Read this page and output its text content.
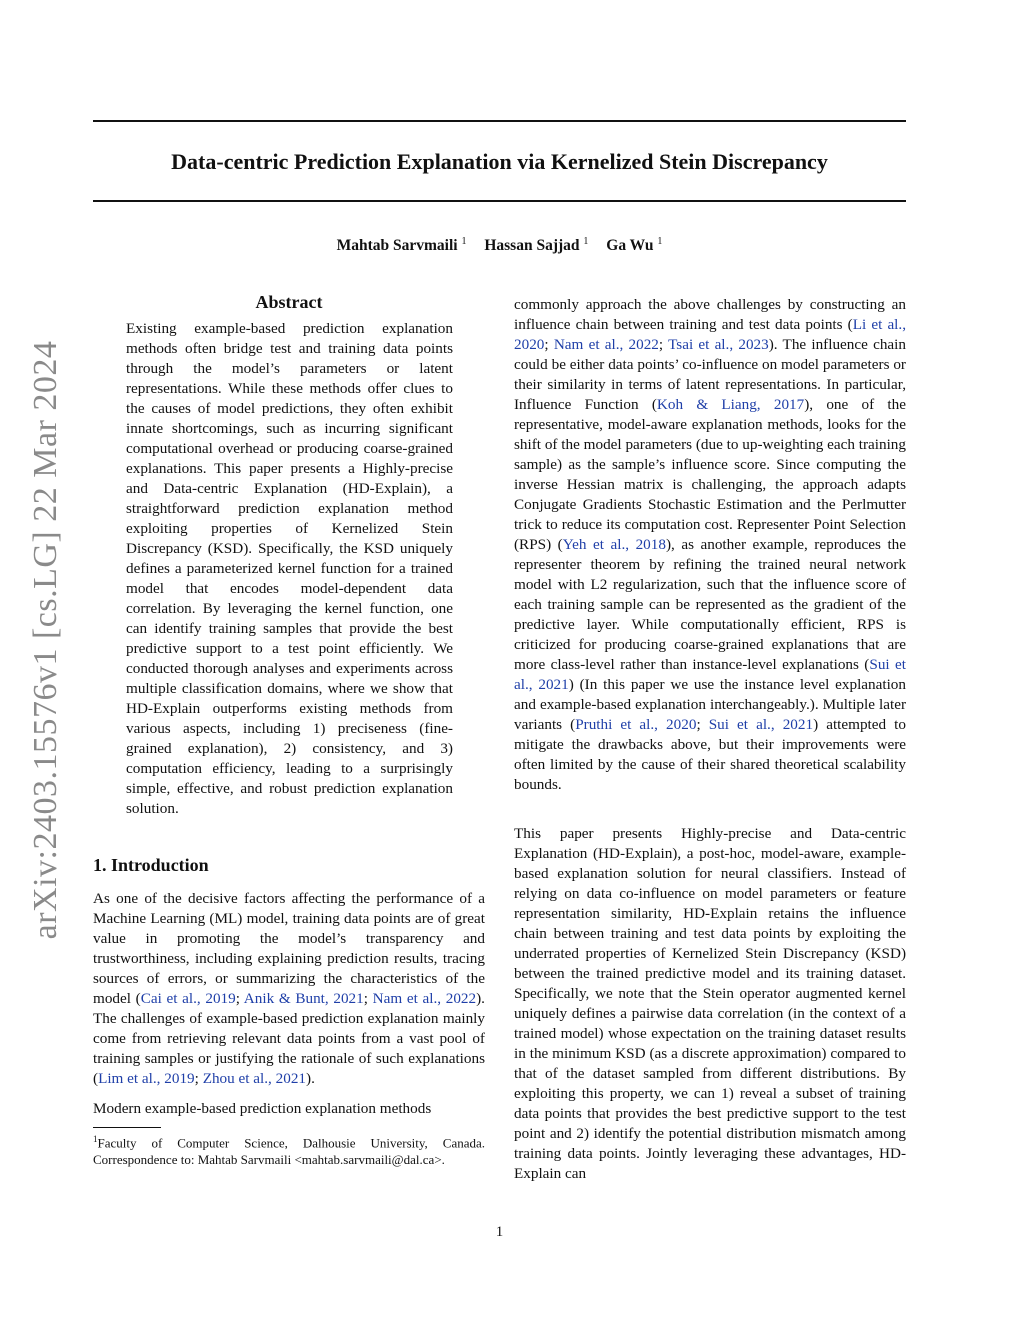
Data-centric Prediction Explanation via Kernelized Stein Discrepancy

Mahtab Sarvmaili $^1$ Hassan Sajjad $^1$ Ga Wu $^1$

arXiv:2403.15576v1 [cs.LG] 22 Mar 2024
Abstract

Existing example-based prediction explanation methods often bridge test and training data points through the model’s parameters or latent representations. While these methods offer clues to the causes of model predictions, they often exhibit innate shortcomings, such as incurring significant computational overhead or producing coarse-grained explanations. This paper presents a Highly-precise and Data-centric Explanation (HD-Explain), a straightforward prediction explanation method exploiting properties of Kernelized Stein Discrepancy (KSD). Specifically, the KSD uniquely defines a parameterized kernel function for a trained model that encodes model-dependent data correlation. By leveraging the kernel function, one can identify training samples that provide the best predictive support to a test point efficiently. We conducted thorough analyses and experiments across multiple classification domains, where we show that HD-Explain outperforms existing methods from various aspects, including 1) preciseness (fine-grained explanation), 2) consistency, and 3) computation efficiency, leading to a surprisingly simple, effective, and robust prediction explanation solution.

1. Introduction

As one of the decisive factors affecting the performance of a Machine Learning (ML) model, training data points are of great value in promoting the model’s transparency and trustworthiness, including explaining prediction results, tracing sources of errors, or summarizing the characteristics of the model (Cai et al., 2019; Anik & Bunt, 2021; Nam et al., 2022). The challenges of example-based prediction explanation mainly come from retrieving relevant data points from a vast pool of training samples or justifying the rationale of such explanations (Lim et al., 2019; Zhou et al., 2021).

Modern example-based prediction explanation methods

$^1$Faculty of Computer Science, Dalhousie University, Canada. Correspondence to: Mahtab Sarvmaili <mahtab.sarvmaili@dal.ca>.

commonly approach the above challenges by constructing an influence chain between training and test data points (Li et al., 2020; Nam et al., 2022; Tsai et al., 2023). The influence chain could be either data points’ co-influence on model parameters or their similarity in terms of latent representations. In particular, Influence Function (Koh & Liang, 2017), one of the representative, model-aware explanation methods, looks for the shift of the model parameters (due to up-weighting each training sample) as the sample’s influence score. Since computing the inverse Hessian matrix is challenging, the approach adapts Conjugate Gradients Stochastic Estimation and the Perlmutter trick to reduce its computation cost. Representer Point Selection (RPS) (Yeh et al., 2018), as another example, reproduces the representer theorem by refining the trained neural network model with L2 regularization, such that the influence score of each training sample can be represented as the gradient of the predictive layer. While computationally efficient, RPS is criticized for producing coarse-grained explanations that are more class-level rather than instance-level explanations (Sui et al., 2021) (In this paper we use the instance level explanation and example-based explanation interchangeably.). Multiple later variants (Pruthi et al., 2020; Sui et al., 2021) attempted to mitigate the drawbacks above, but their improvements were often limited by the cause of their shared theoretical scalability bounds.

This paper presents Highly-precise and Data-centric Explanation (HD-Explain), a post-hoc, model-aware, example-based explanation solution for neural classifiers. Instead of relying on data co-influence on model parameters or feature representation similarity, HD-Explain retains the influence chain between training and test data points by exploiting the underrated properties of Kernelized Stein Discrepancy (KSD) between the trained predictive model and its training dataset. Specifically, we note that the Stein operator augmented kernel uniquely defines a pairwise data correlation (in the context of a trained model) whose expectation on the training dataset results in the minimum KSD (as a discrete approximation) compared to that of the dataset sampled from different distributions. By exploiting this property, we can 1) reveal a subset of training data points that provides the best predictive support to the test point and 2) identify the potential distribution mismatch among training data points. Jointly leveraging these advantages, HD-Explain can

1
